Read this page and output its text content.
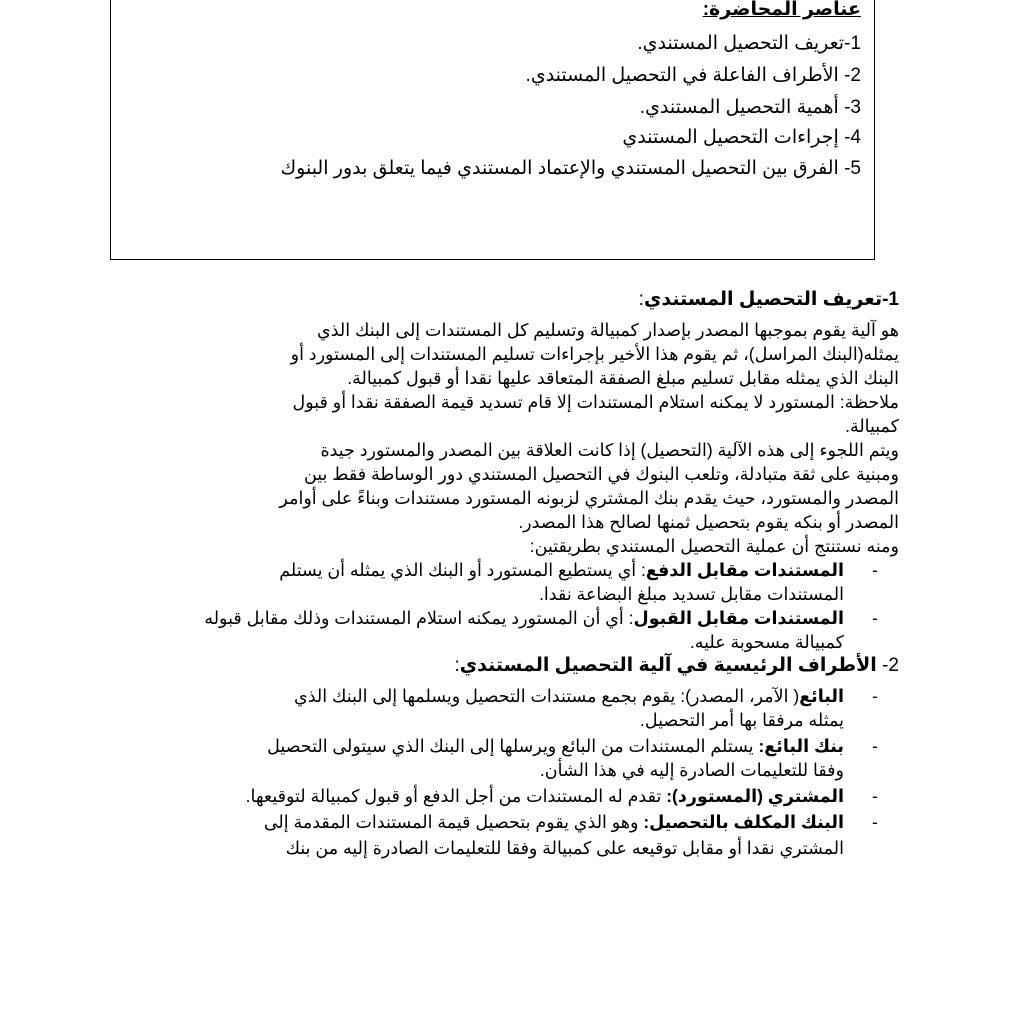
عناصر المحاضرة:
1-تعريف التحصيل المستندي.
2- الأطراف الفاعلة في التحصيل المستندي.
3- أهمية التحصيل المستندي.
4- إجراءات التحصيل المستندي
5- الفرق بين التحصيل المستندي والإعتماد المستندي فيما يتعلق بدور البنوك
1-تعريف التحصيل المستندي:
هو آلية يقوم بموجبها المصدر بإصدار كمبيالة وتسليم كل المستندات إلى البنك الذي
يمثله(البنك المراسل)، ثم يقوم هذا الأخير بإجراءات تسليم المستندات إلى المستورد أو
البنك الذي يمثله مقابل تسليم مبلغ الصفقة المتعاقد عليها نقدا أو قبول كمبيالة.
ملاحظة: المستورد لا يمكنه استلام المستندات إلا قام تسديد قيمة الصفقة نقدا أو قبول
كمبيالة.
ويتم اللجوء إلى هذه الآلية (التحصيل) إذا كانت العلاقة بين المصدر والمستورد جيدة
ومبنية على ثقة متبادلة، وتلعب البنوك في التحصيل المستندي دور الوساطة فقط بين
المصدر والمستورد، حيث يقدم بنك المشتري لزبونه المستورد مستندات وبناءً على أوامر
المصدر أو بنكه يقوم بتحصيل ثمنها لصالح هذا المصدر.
ومنه نستنتج أن عملية التحصيل المستندي بطريقتين:
-
المستندات مقابل الدفع: أي يستطيع المستورد أو البنك الذي يمثله أن يستلم
المستندات مقابل تسديد مبلغ البضاعة نقدا.
-
المستندات مقابل القبول: أي أن المستورد يمكنه استلام المستندات وذلك مقابل قبوله
كمبيالة مسحوبة عليه.
2- الأطراف الرئيسية في آلية التحصيل المستندي:
-
البائع( الآمر، المصدر): يقوم بجمع مستندات التحصيل ويسلمها إلى البنك الذي
يمثله مرفقا بها أمر التحصيل.
-
بنك البائع: يستلم المستندات من البائع ويرسلها إلى البنك الذي سيتولى التحصيل
وفقا للتعليمات الصادرة إليه في هذا الشأن.
-
المشتري (المستورد): تقدم له المستندات من أجل الدفع أو قبول كمبيالة لتوقيعها.
-
البنك المكلف بالتحصيل: وهو الذي يقوم بتحصيل قيمة المستندات المقدمة إلى
المشتري نقدا أو مقابل توقيعه على كمبيالة وفقا للتعليمات الصادرة إليه من بنك
